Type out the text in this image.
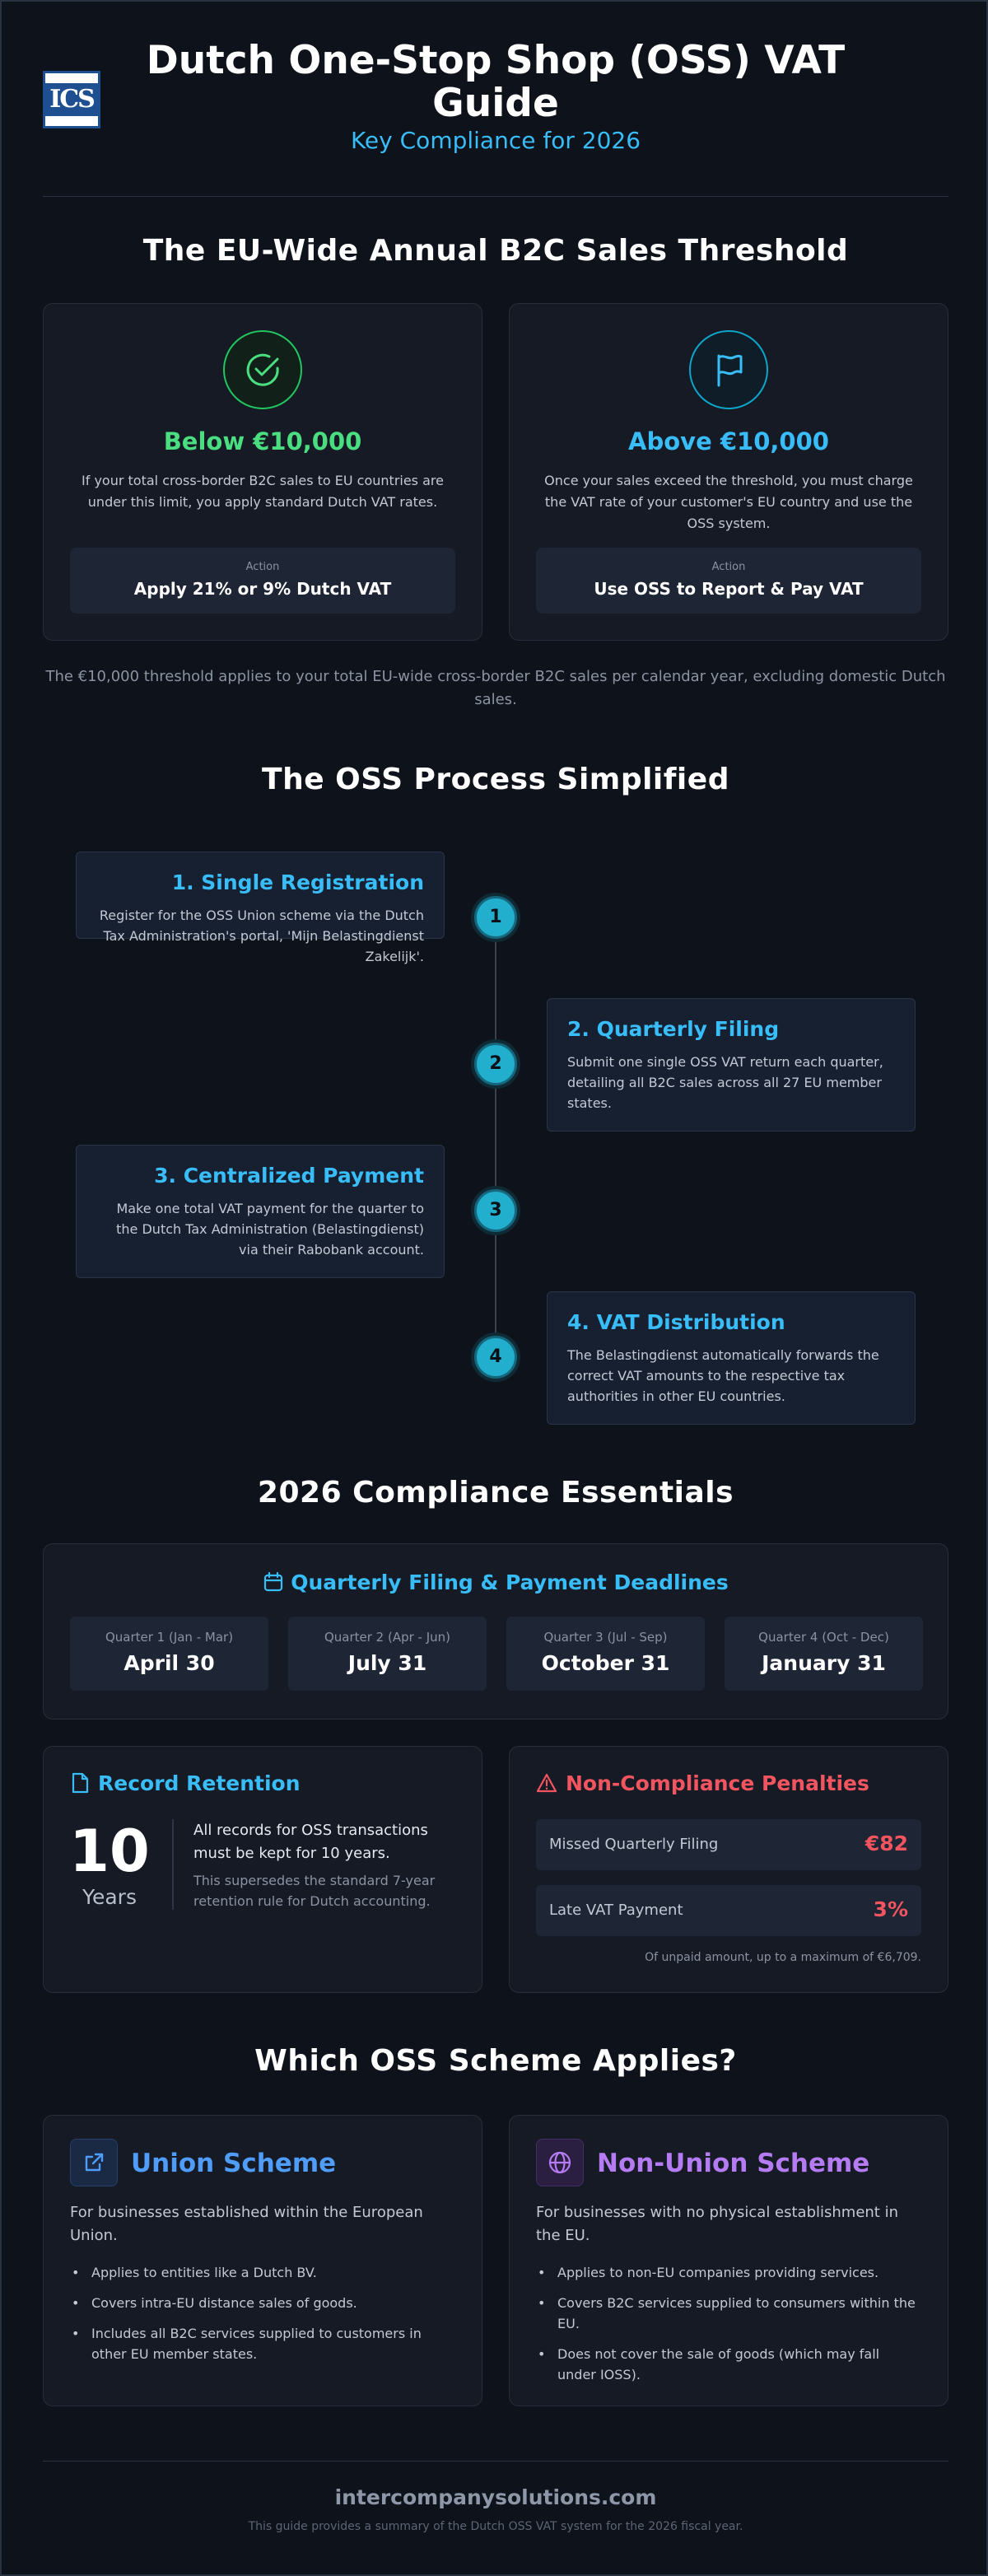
ICS
Dutch One-Stop Shop (OSS) VAT Guide
Key Compliance for 2026
The EU-Wide Annual B2C Sales Threshold
Below €10,000
If your total cross-border B2C sales to EU countries are under this limit, you apply standard Dutch VAT rates.
Action
Apply 21% or 9% Dutch VAT
Above €10,000
Once your sales exceed the threshold, you must charge the VAT rate of your customer's EU country and use the OSS system.
Action
Use OSS to Report & Pay VAT
The €10,000 threshold applies to your total EU-wide cross-border B2C sales per calendar year, excluding domestic Dutch sales.
The OSS Process Simplified
1. Single Registration
Register for the OSS Union scheme via the Dutch Tax Administration's portal, 'Mijn Belastingdienst Zakelijk'.
1
2. Quarterly Filing
Submit one single OSS VAT return each quarter, detailing all B2C sales across all 27 EU member states.
2
3. Centralized Payment
Make one total VAT payment for the quarter to the Dutch Tax Administration (Belastingdienst) via their Rabobank account.
3
4. VAT Distribution
The Belastingdienst automatically forwards the correct VAT amounts to the respective tax authorities in other EU countries.
4
2026 Compliance Essentials
Quarterly Filing & Payment Deadlines
Quarter 1 (Jan - Mar)
April 30
Quarter 2 (Apr - Jun)
July 31
Quarter 3 (Jul - Sep)
October 31
Quarter 4 (Oct - Dec)
January 31
Record Retention
10
Years
All records for OSS transactions must be kept for 10 years.
This supersedes the standard 7-year retention rule for Dutch accounting.
Non-Compliance Penalties
Missed Quarterly Filing	€82
Late VAT Payment	3%
Of unpaid amount, up to a maximum of €6,709.
Which OSS Scheme Applies?
Union Scheme
For businesses established within the European Union.
• Applies to entities like a Dutch BV.
• Covers intra-EU distance sales of goods.
• Includes all B2C services supplied to customers in other EU member states.
Non-Union Scheme
For businesses with no physical establishment in the EU.
• Applies to non-EU companies providing services.
• Covers B2C services supplied to consumers within the EU.
• Does not cover the sale of goods (which may fall under IOSS).
intercompanysolutions.com
This guide provides a summary of the Dutch OSS VAT system for the 2026 fiscal year.
